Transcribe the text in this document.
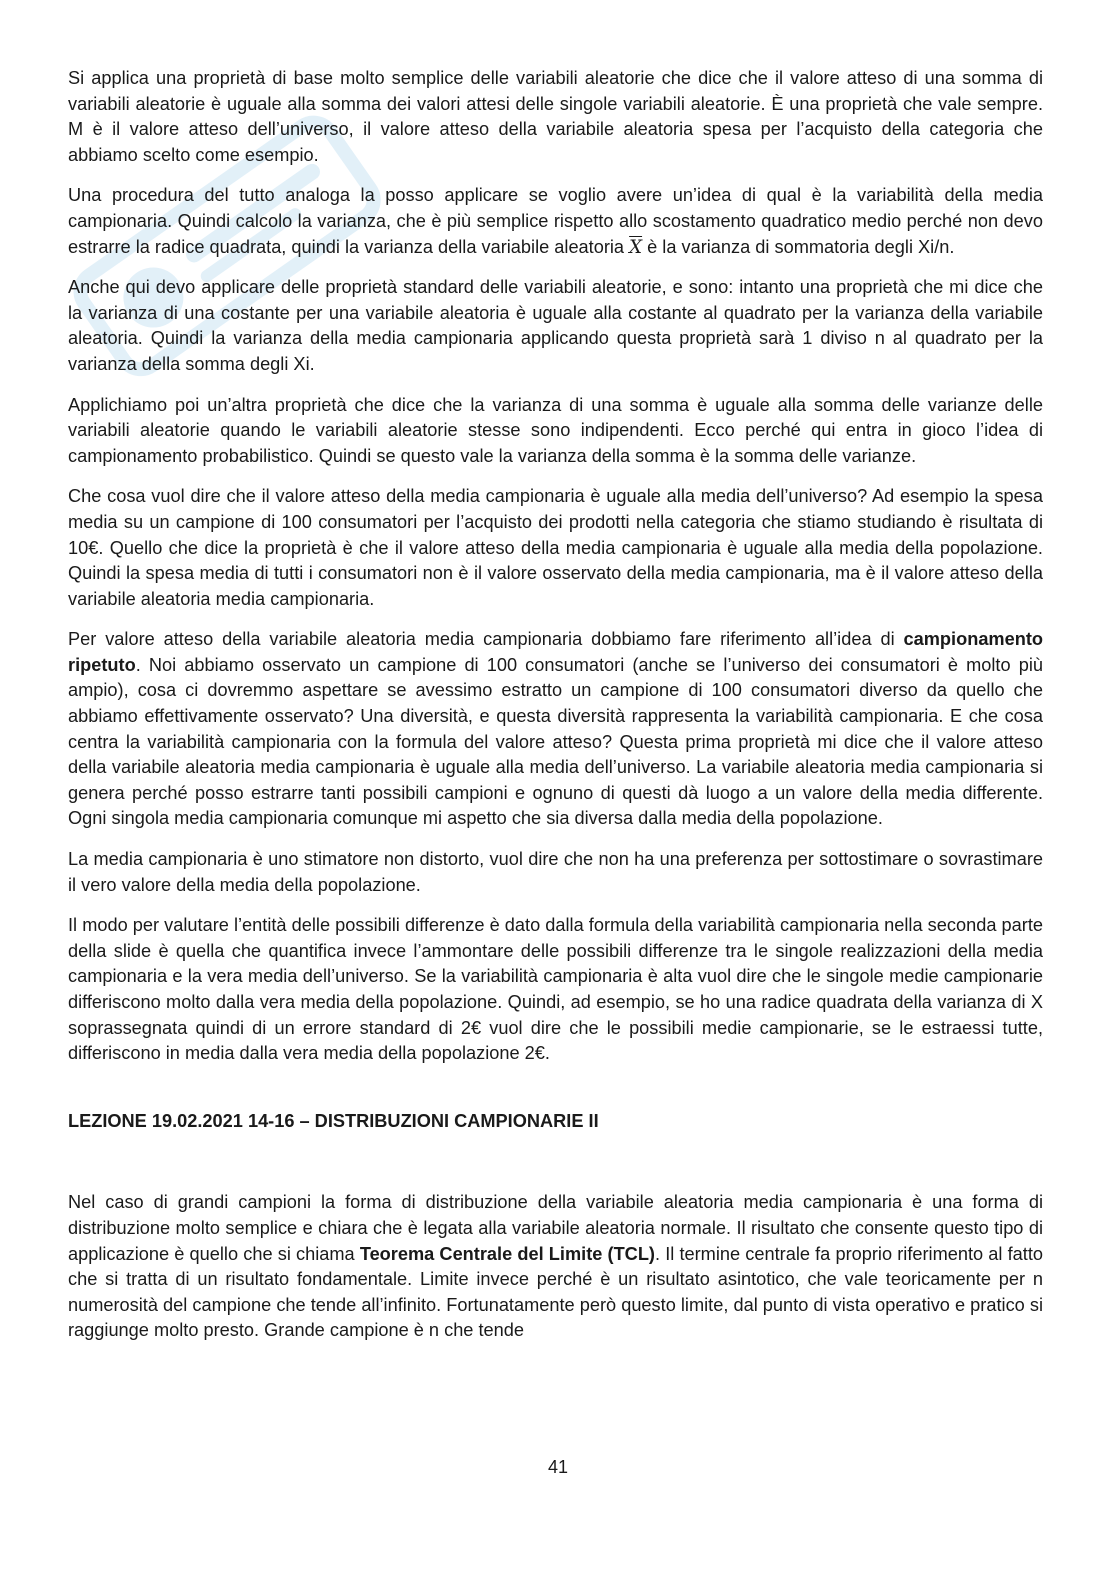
Si applica una proprietà di base molto semplice delle variabili aleatorie che dice che il valore atteso di una somma di variabili aleatorie è uguale alla somma dei valori attesi delle singole variabili aleatorie. È una proprietà che vale sempre. M è il valore atteso dell’universo, il valore atteso della variabile aleatoria spesa per l’acquisto della categoria che abbiamo scelto come esempio.

Una procedura del tutto analoga la posso applicare se voglio avere un’idea di qual è la variabilità della media campionaria. Quindi calcolo la varianza, che è più semplice rispetto allo scostamento quadratico medio perché non devo estrarre la radice quadrata, quindi la varianza della variabile aleatoria $\overline{X}$ è la varianza di sommatoria degli Xi/n.

Anche qui devo applicare delle proprietà standard delle variabili aleatorie, e sono: intanto una proprietà che mi dice che la varianza di una costante per una variabile aleatoria è uguale alla costante al quadrato per la varianza della variabile aleatoria. Quindi la varianza della media campionaria applicando questa proprietà sarà 1 diviso n al quadrato per la varianza della somma degli Xi.

Applichiamo poi un’altra proprietà che dice che la varianza di una somma è uguale alla somma delle varianze delle variabili aleatorie quando le variabili aleatorie stesse sono indipendenti. Ecco perché qui entra in gioco l’idea di campionamento probabilistico. Quindi se questo vale la varianza della somma è la somma delle varianze.

Che cosa vuol dire che il valore atteso della media campionaria è uguale alla media dell’universo? Ad esempio la spesa media su un campione di 100 consumatori per l’acquisto dei prodotti nella categoria che stiamo studiando è risultata di 10€. Quello che dice la proprietà è che il valore atteso della media campionaria è uguale alla media della popolazione. Quindi la spesa media di tutti i consumatori non è il valore osservato della media campionaria, ma è il valore atteso della variabile aleatoria media campionaria.

Per valore atteso della variabile aleatoria media campionaria dobbiamo fare riferimento all’idea di campionamento ripetuto. Noi abbiamo osservato un campione di 100 consumatori (anche se l’universo dei consumatori è molto più ampio), cosa ci dovremmo aspettare se avessimo estratto un campione di 100 consumatori diverso da quello che abbiamo effettivamente osservato? Una diversità, e questa diversità rappresenta la variabilità campionaria. E che cosa centra la variabilità campionaria con la formula del valore atteso? Questa prima proprietà mi dice che il valore atteso della variabile aleatoria media campionaria è uguale alla media dell’universo. La variabile aleatoria media campionaria si genera perché posso estrarre tanti possibili campioni e ognuno di questi dà luogo a un valore della media differente. Ogni singola media campionaria comunque mi aspetto che sia diversa dalla media della popolazione.

La media campionaria è uno stimatore non distorto, vuol dire che non ha una preferenza per sottostimare o sovrastimare il vero valore della media della popolazione.

Il modo per valutare l’entità delle possibili differenze è dato dalla formula della variabilità campionaria nella seconda parte della slide è quella che quantifica invece l’ammontare delle possibili differenze tra le singole realizzazioni della media campionaria e la vera media dell’universo. Se la variabilità campionaria è alta vuol dire che le singole medie campionarie differiscono molto dalla vera media della popolazione. Quindi, ad esempio, se ho una radice quadrata della varianza di X soprassegnata quindi di un errore standard di 2€ vuol dire che le possibili medie campionarie, se le estraessi tutte, differiscono in media dalla vera media della popolazione 2€.

LEZIONE 19.02.2021 14-16 – DISTRIBUZIONI CAMPIONARIE II

Nel caso di grandi campioni la forma di distribuzione della variabile aleatoria media campionaria è una forma di distribuzione molto semplice e chiara che è legata alla variabile aleatoria normale. Il risultato che consente questo tipo di applicazione è quello che si chiama Teorema Centrale del Limite (TCL). Il termine centrale fa proprio riferimento al fatto che si tratta di un risultato fondamentale. Limite invece perché è un risultato asintotico, che vale teoricamente per n numerosità del campione che tende all’infinito. Fortunatamente però questo limite, dal punto di vista operativo e pratico si raggiunge molto presto. Grande campione è n che tende

41
